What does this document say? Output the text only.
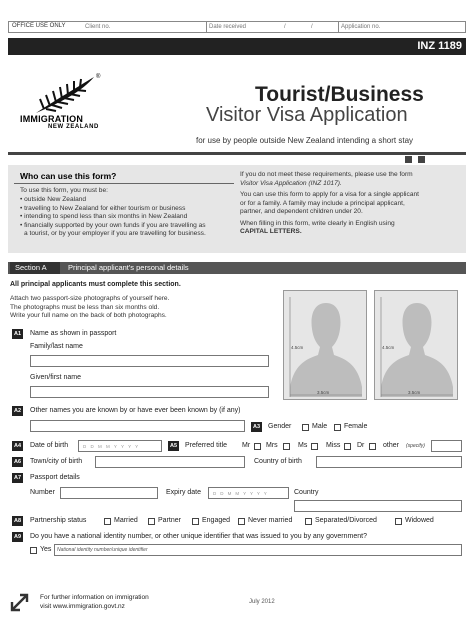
OFFICE USE ONLY	Client no.	Date received	/	/	Application no.
INZ 1189
®
IMMIGRATION
NEW ZEALAND
Tourist/Business
Visitor Visa Application
for use by people outside New Zealand intending a short stay
Who can use this form?
To use this form, you must be:
• outside New Zealand
• travelling to New Zealand for either tourism or business
• intending to spend less than six months in New Zealand
• financially supported by your own funds if you are travelling as
a tourist, or by your employer if you are travelling for business.
If you do not meet these requirements, please use the form
Visitor Visa Application (INZ 1017).
You can use this form to apply for a visa for a single applicant
or for a family. A family may include a principal applicant,
partner, and dependent children under 20.
When filling in this form, write clearly in English using
CAPITAL LETTERS.
Section A	Principal applicant's personal details
All principal applicants must complete this section.
Attach two passport-size photographs of yourself here.
The photographs must be less than six months old.
Write your full name on the back of both photographs.
4.5cm
3.5cm
4.5cm
3.5cm
A1 Name as shown in passport
Family/last name
Given/first name
A2 Other names you are known by or have ever been known by (if any)
A3 Gender	Male Female
A4 Date of birth	D D M M Y Y Y Y	A5 Preferred title Mr Mrs	Ms	Miss Dr	other (specify)
A6 Town/city of birth	Country of birth
A7 Passport details
Number	Expiry date	D D M M Y Y Y Y	Country
A8 Partnership status	Married	Partner	Engaged	Never married	Separated/Divorced	Widowed
A9 Do you have a national identity number, or other unique identifier that was issued to you by any government?
Yes National identity number/unique identifier
For further information on immigration
visit www.immigration.govt.nz
July 2012
